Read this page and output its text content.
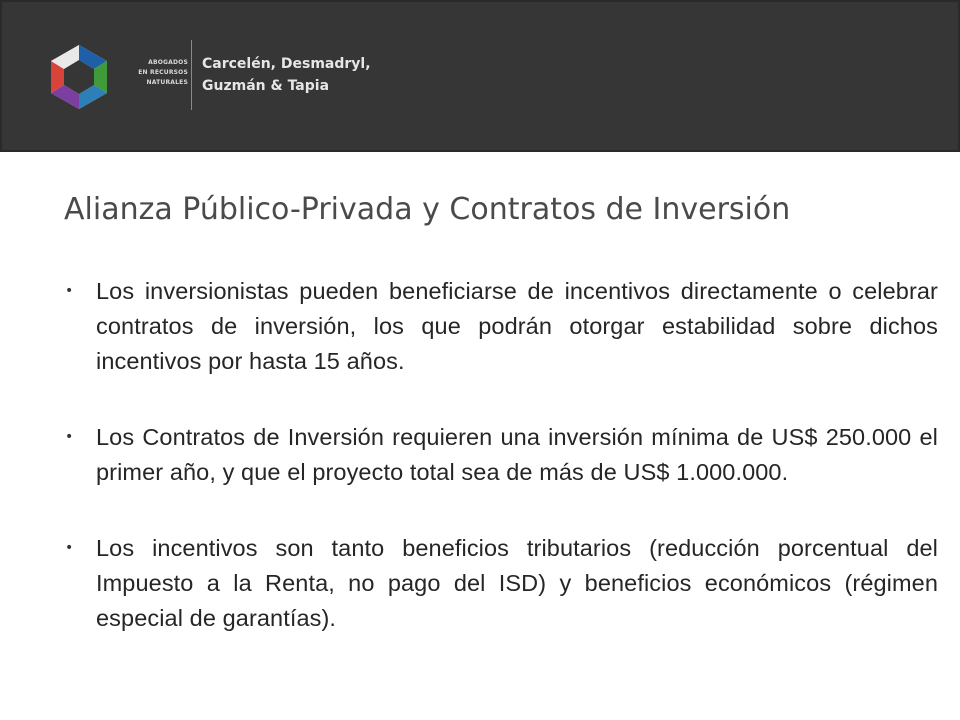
ABOGADOS
EN RECURSOS
NATURALES
Carcelén, Desmadryl,
Guzmán & Tapia
Alianza Público-Privada y Contratos de Inversión
• Los inversionistas pueden beneficiarse de incentivos directamente o celebrar contratos de inversión, los que podrán otorgar estabilidad sobre dichos incentivos por hasta 15 años.
• Los Contratos de Inversión requieren una inversión mínima de US$ 250.000 el primer año, y que el proyecto total sea de más de US$ 1.000.000.
• Los incentivos son tanto beneficios tributarios (reducción porcentual del Impuesto a la Renta, no pago del ISD) y beneficios económicos (régimen especial de garantías).
